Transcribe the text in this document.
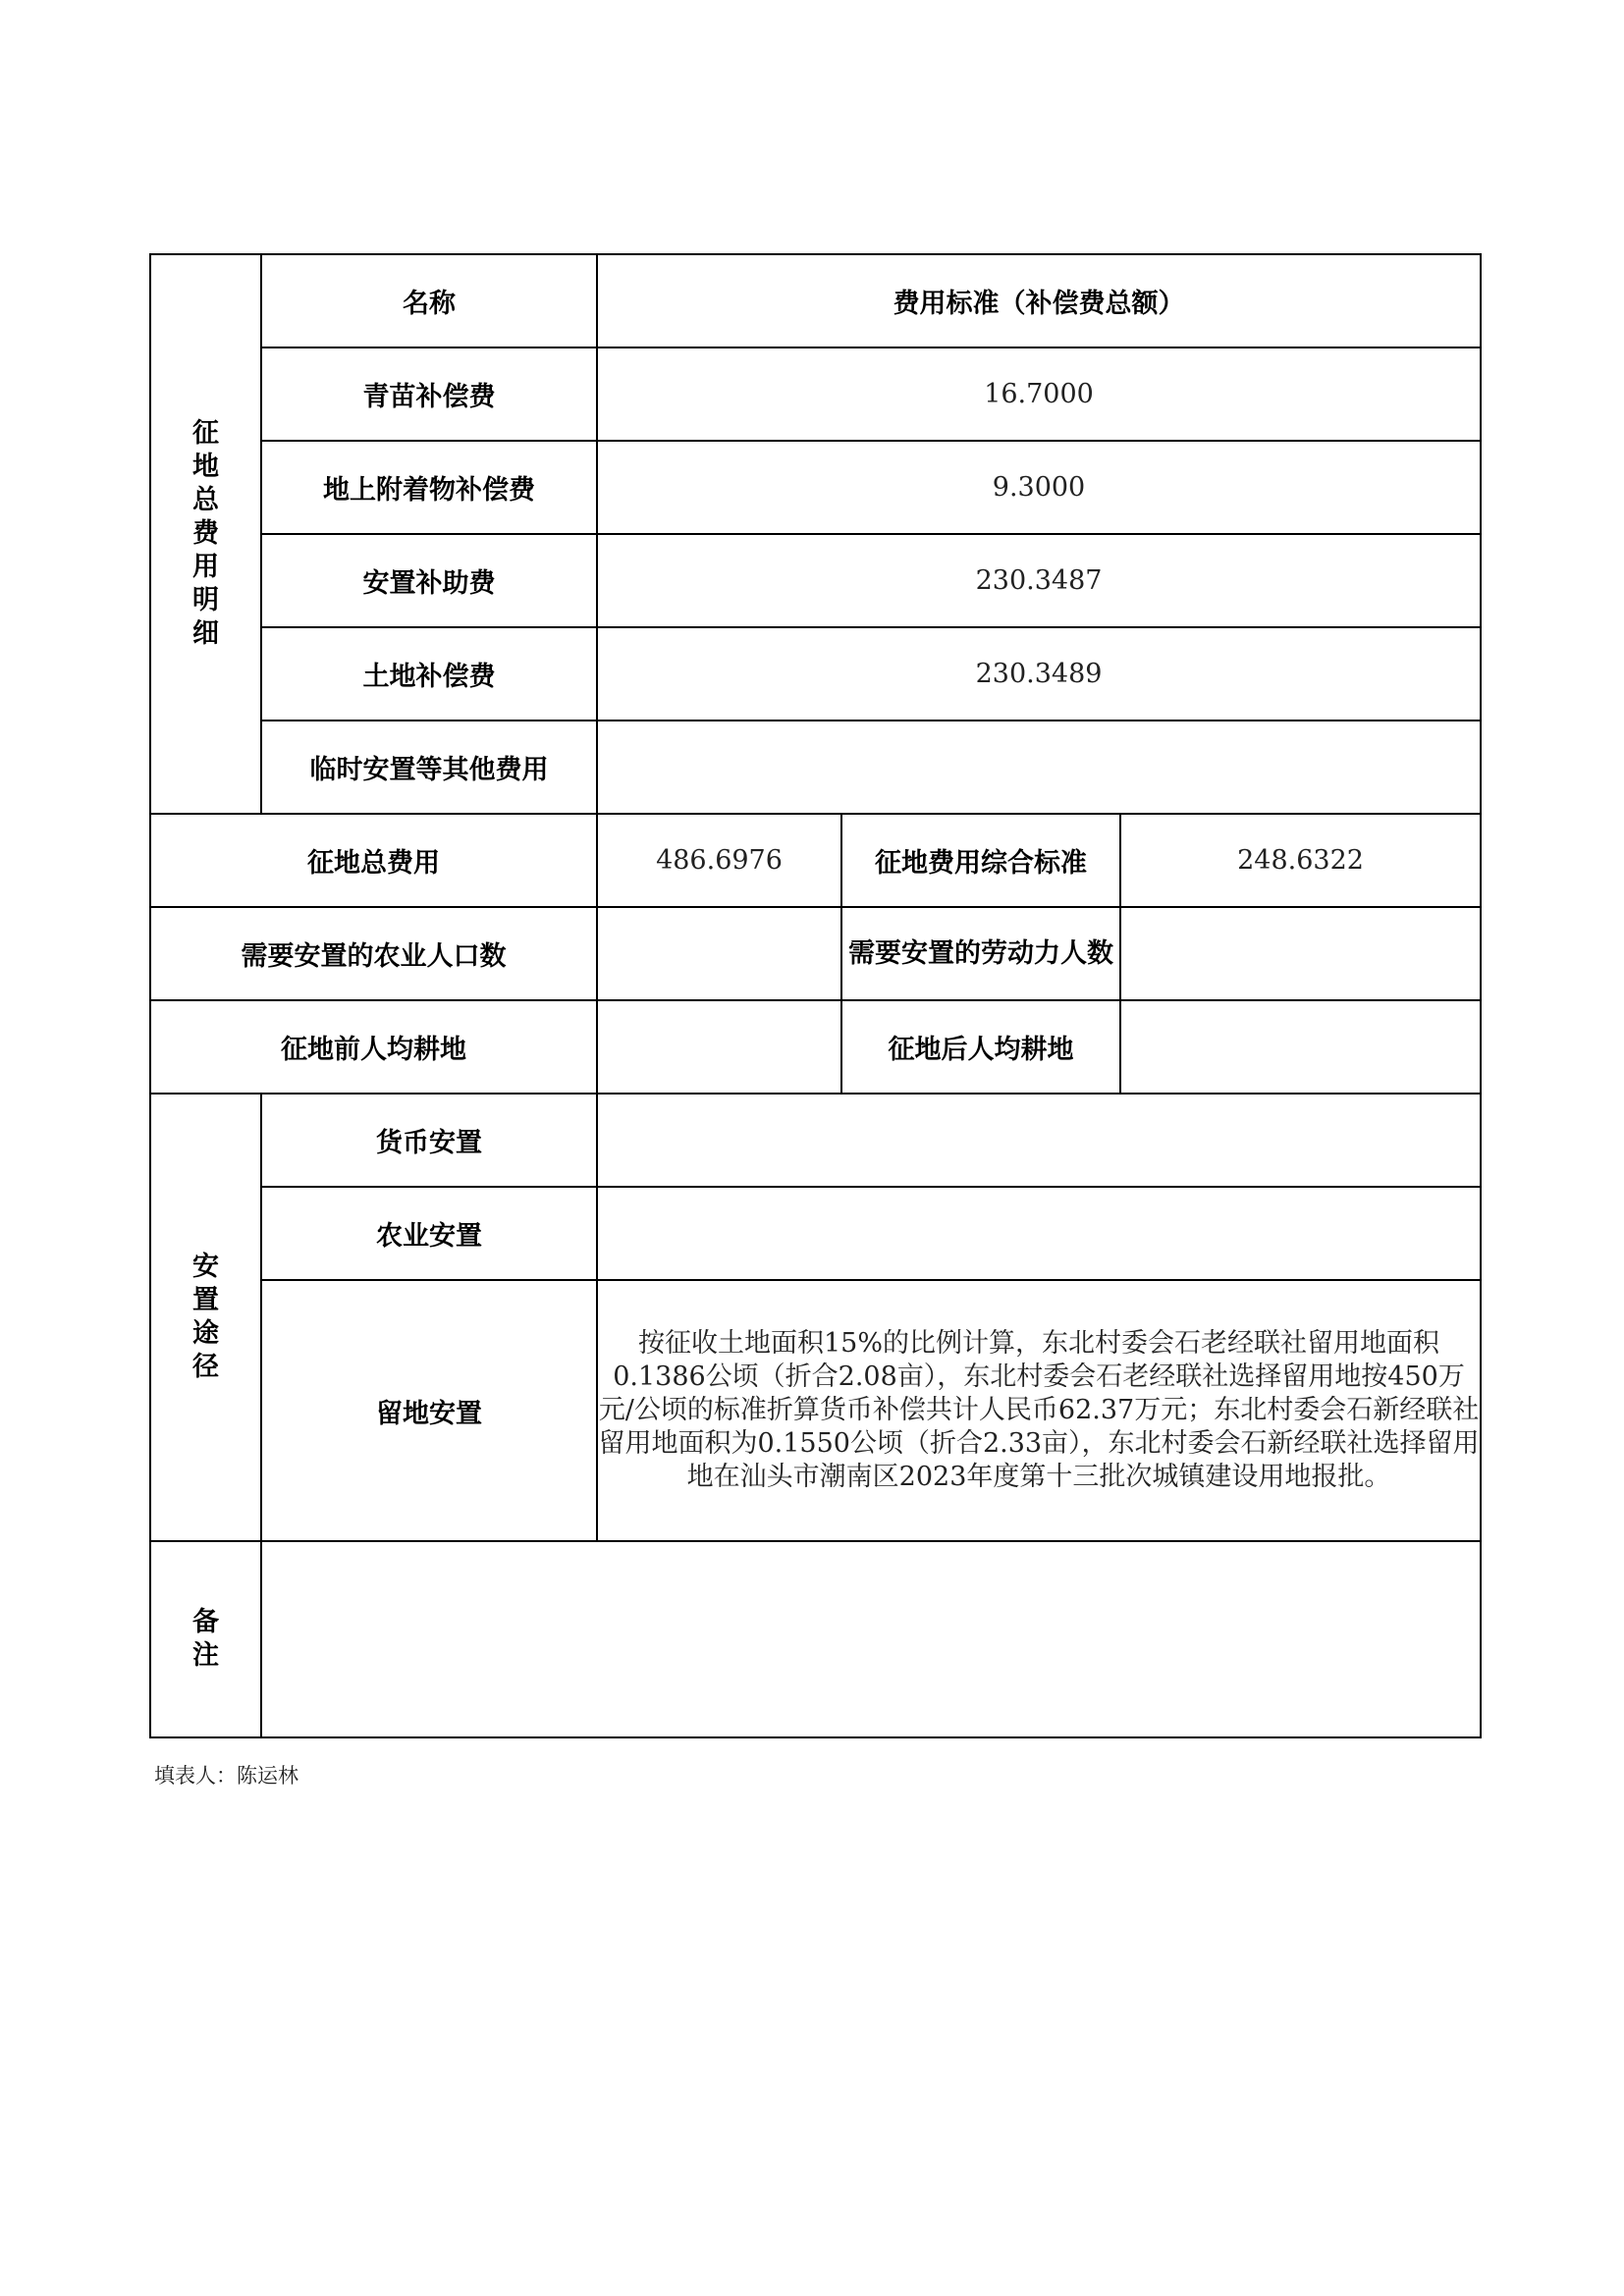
征地总费用明细	名称	费用标准（补偿费总额）		
	青苗补偿费	16.7000		
	地上附着物补偿费	9.3000		
	安置补助费	230.3487		
	土地补偿费	230.3489		
	临时安置等其他费用			
征地总费用		486.6976	征地费用综合标准	248.6322
需要安置的农业人口数			需要安置的劳动力人数	

征地前人均耕地			征地后人均耕地	
安置途径	货币安置			
	农业安置			
	留地安置	按征收土地面积15%的比例计算，东北村委会石老经联社留用地面积0.1386公顷（折合2.08亩），东北村委会石老经联社选择留用地按450万元/公顷的标准折算货币补偿共计人民币62.37万元；东北村委会石新经联社留用地面积为0.1550公顷（折合2.33亩），东北村委会石新经联社选择留用地在汕头市潮南区2023年度第十三批次城镇建设用地报批。		
备注				
填表人：陈运林
